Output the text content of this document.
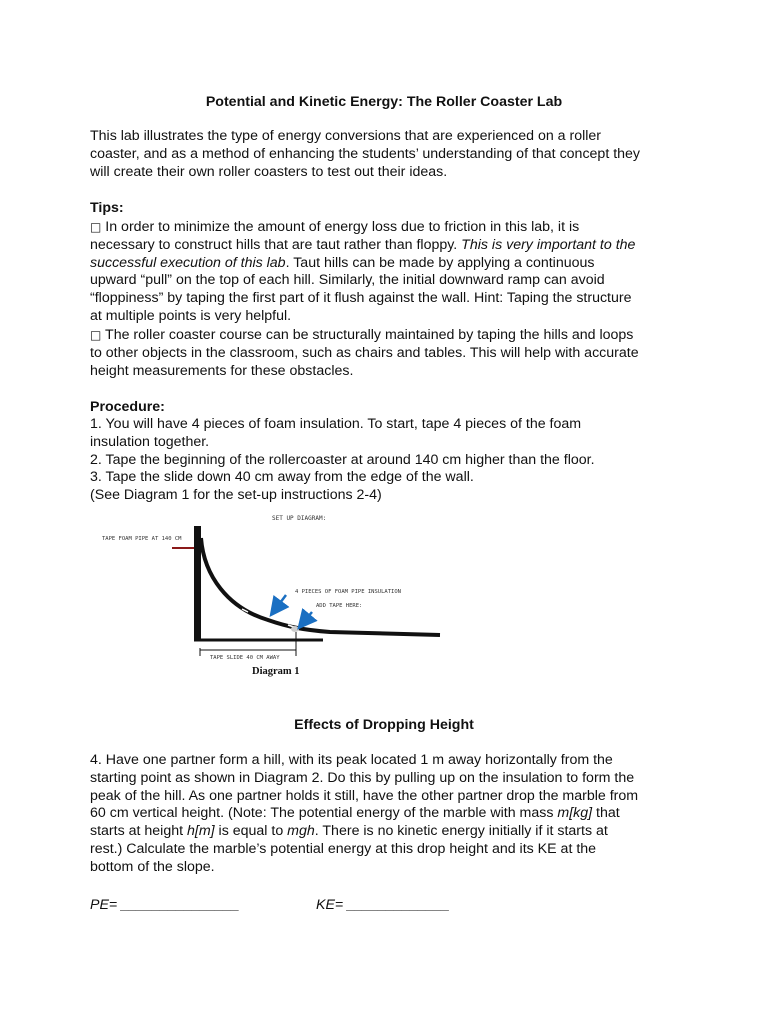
Potential and Kinetic Energy: The Roller Coaster Lab

This lab illustrates the type of energy conversions that are experienced on a roller
coaster, and as a method of enhancing the students’ understanding of that concept they
will create their own roller coasters to test out their ideas.

Tips:

□ In order to minimize the amount of energy loss due to friction in this lab, it is
necessary to construct hills that are taut rather than floppy. This is very important to the
successful execution of this lab. Taut hills can be made by applying a continuous
upward “pull” on the top of each hill. Similarly, the initial downward ramp can avoid
“floppiness” by taping the first part of it flush against the wall. Hint: Taping the structure
at multiple points is very helpful.

□ The roller coaster course can be structurally maintained by taping the hills and loops
to other objects in the classroom, such as chairs and tables. This will help with accurate
height measurements for these obstacles.

Procedure:

1. You will have 4 pieces of foam insulation. To start, tape 4 pieces of the foam
insulation together.
2. Tape the beginning of the rollercoaster at around 140 cm higher than the floor.
3. Tape the slide down 40 cm away from the edge of the wall.
(See Diagram 1 for the set-up instructions 2-4)

SET UP DIAGRAM:
TAPE FOAM PIPE AT 140 CM
4 PIECES OF FOAM PIPE INSULATION
ADD TAPE HERE:
TAPE SLIDE 40 CM AWAY
Diagram 1

Effects of Dropping Height

4. Have one partner form a hill, with its peak located 1 m away horizontally from the
starting point as shown in Diagram 2. Do this by pulling up on the insulation to form the
peak of the hill. As one partner holds it still, have the other partner drop the marble from
60 cm vertical height. (Note: The potential energy of the marble with mass m[kg] that
starts at height h[m] is equal to mgh. There is no kinetic energy initially if it starts at
rest.) Calculate the marble’s potential energy at this drop height and its KE at the
bottom of the slope.

PE= _______________	KE= _____________
